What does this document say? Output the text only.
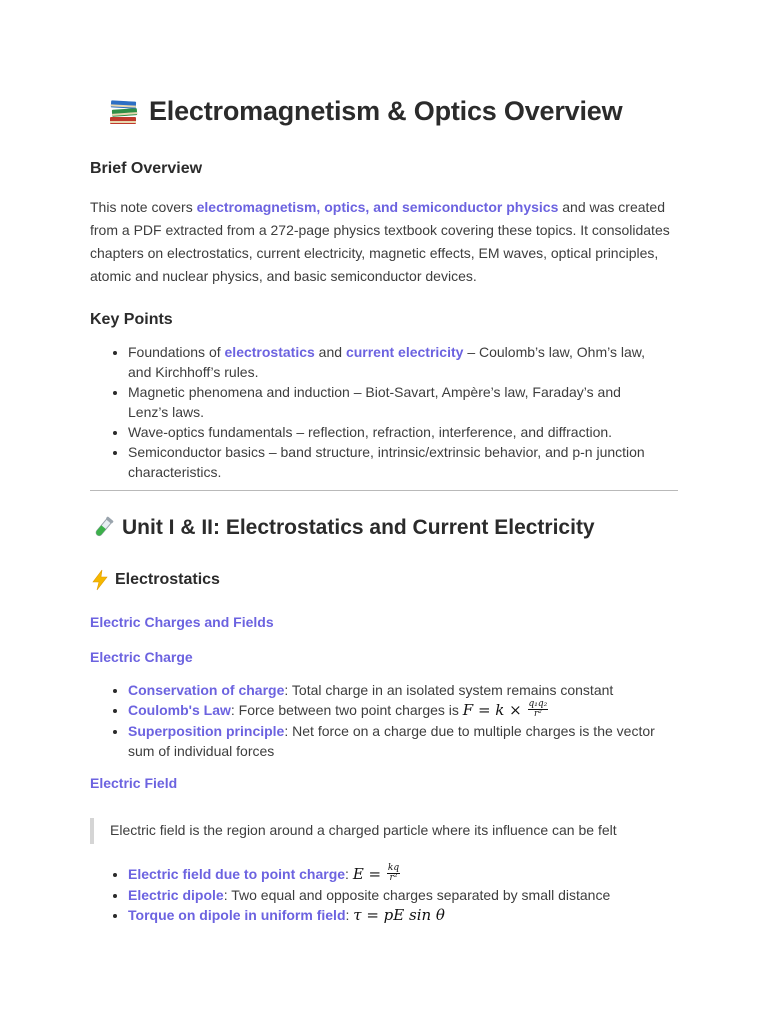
Electromagnetism & Optics Overview
Brief Overview

This note covers electromagnetism, optics, and semiconductor physics and was created from a PDF extracted from a 272-page physics textbook covering these topics. It consolidates chapters on electrostatics, current electricity, magnetic effects, EM waves, optical principles, atomic and nuclear physics, and basic semiconductor devices.

Key Points
• Foundations of electrostatics and current electricity – Coulomb’s law, Ohm’s law, and Kirchhoff’s rules.
• Magnetic phenomena and induction – Biot-Savart, Ampère’s law, Faraday’s and Lenz’s laws.
• Wave-optics fundamentals – reflection, refraction, interference, and diffraction.
• Semiconductor basics – band structure, intrinsic/extrinsic behavior, and p-n junction characteristics.
Unit I & II: Electrostatics and Current Electricity
Electrostatics

Electric Charges and Fields

Electric Charge

• Conservation of charge: Total charge in an isolated system remains constant
• Coulomb's Law: Force between two point charges is $F = k \times \frac{\text{q₁q₂}}{\text{r²}}$
• Superposition principle: Net force on a charge due to multiple charges is the vector sum of individual forces

Electric Field

Electric field is the region around a charged particle where its influence can be felt
• Electric field due to point charge: $E = \frac{kq}{\text{r²}}$
• Electric dipole: Two equal and opposite charges separated by small distance
• Torque on dipole in uniform field: τ = pE sin θ
